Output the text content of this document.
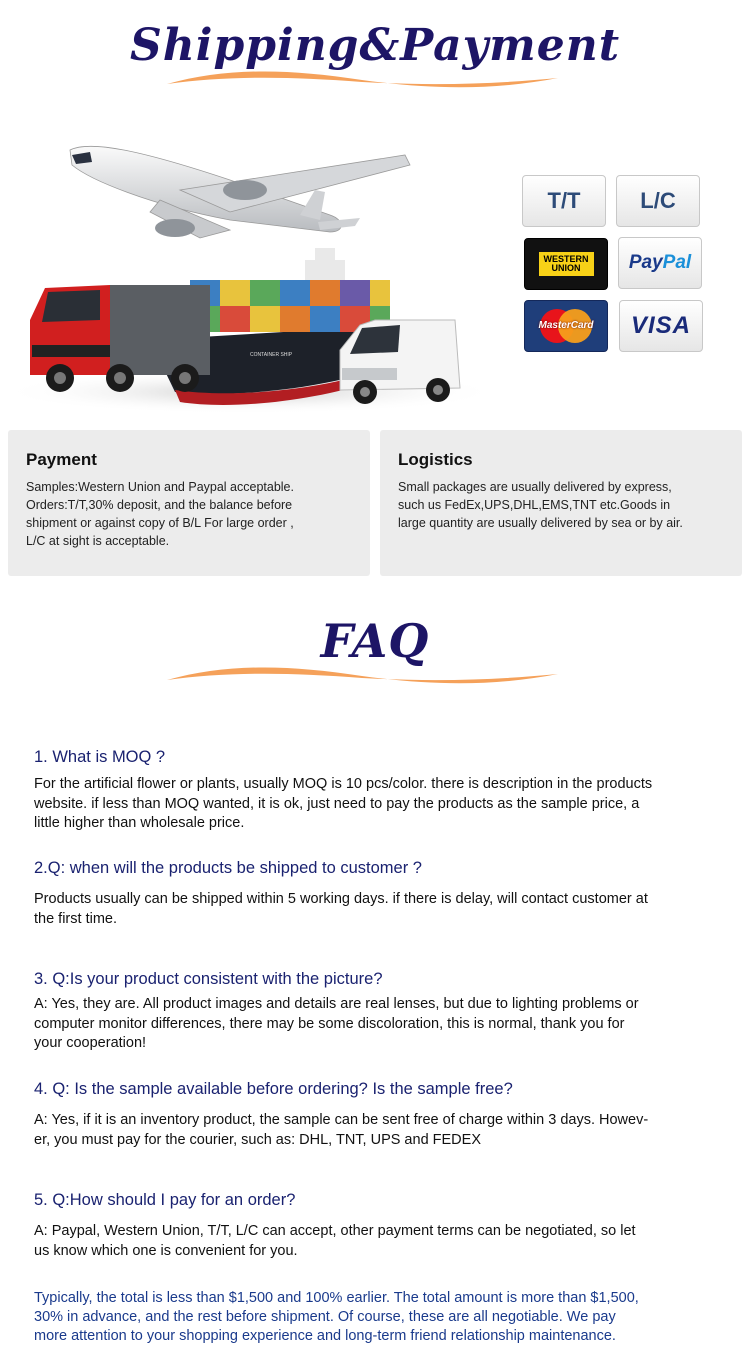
Shipping&Payment
CONTAINER SHIP
T/T	L/C
WESTERN
UNION	PayPal
MasterCard VISA
Payment
Samples:Western Union and Paypal acceptable.
Orders:T/T,30% deposit, and the balance before
shipment or against copy of B/L For large order ,
L/C at sight is acceptable.
Logistics
Small packages are usually delivered by express,
such us FedEx,UPS,DHL,EMS,TNT etc.Goods in
large quantity are usually delivered by sea or by air.
FAQ
1. What is MOQ ?
For the artificial flower or plants, usually MOQ is 10 pcs/color. there is description in the products
website. if less than MOQ wanted, it is ok, just need to pay the products as the sample price, a
little higher than wholesale price.
2.Q: when will the products be shipped to customer ?
Products usually can be shipped within 5 working days. if there is delay, will contact customer at
the first time.
3. Q:Is your product consistent with the picture?
A: Yes, they are. All product images and details are real lenses, but due to lighting problems or
computer monitor differences, there may be some discoloration, this is normal, thank you for
your cooperation!
4. Q: Is the sample available before ordering? Is the sample free?
A: Yes, if it is an inventory product, the sample can be sent free of charge within 3 days. Howev-
er, you must pay for the courier, such as: DHL, TNT, UPS and FEDEX
5. Q:How should I pay for an order?
A: Paypal, Western Union, T/T, L/C can accept, other payment terms can be negotiated, so let
us know which one is convenient for you.
Typically, the total is less than $1,500 and 100% earlier. The total amount is more than $1,500,
30% in advance, and the rest before shipment. Of course, these are all negotiable. We pay
more attention to your shopping experience and long-term friend relationship maintenance.
